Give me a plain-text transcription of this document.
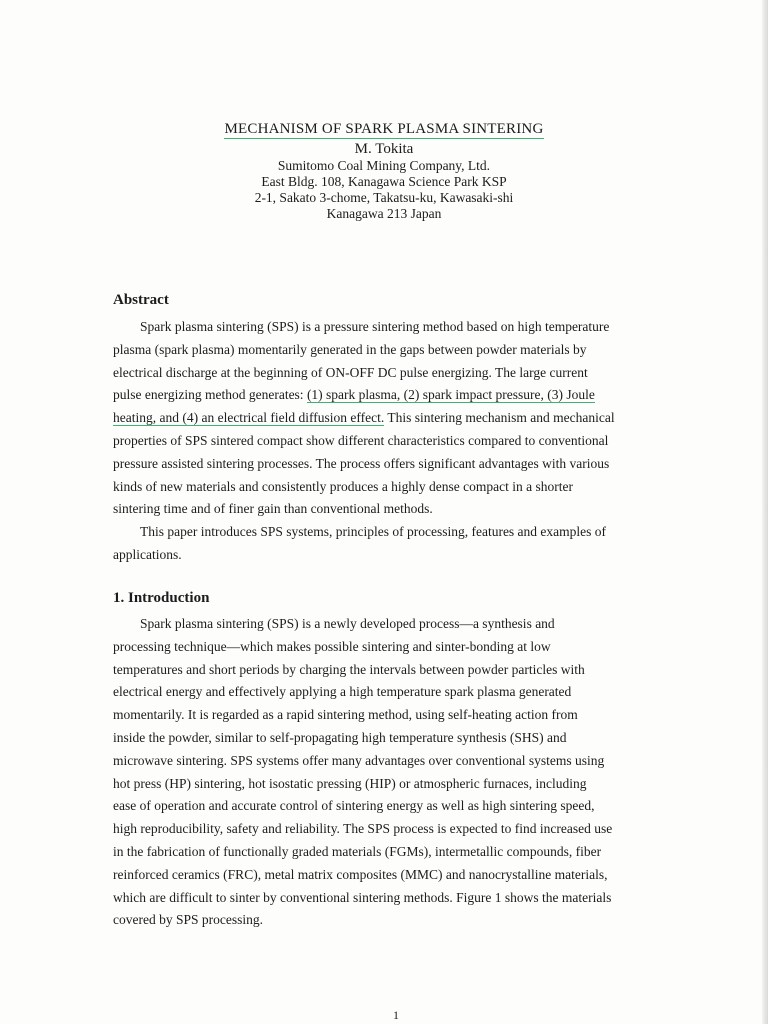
MECHANISM OF SPARK PLASMA SINTERING
M. Tokita
Sumitomo Coal Mining Company, Ltd.
East Bldg. 108, Kanagawa Science Park KSP
2-1, Sakato 3-chome, Takatsu-ku, Kawasaki-shi
Kanagawa 213 Japan
Abstract
Spark plasma sintering (SPS) is a pressure sintering method based on high temperature
plasma (spark plasma) momentarily generated in the gaps between powder materials by
electrical discharge at the beginning of ON-OFF DC pulse energizing. The large current
pulse energizing method generates: (1) spark plasma, (2) spark impact pressure, (3) Joule
heating, and (4) an electrical field diffusion effect. This sintering mechanism and mechanical
properties of SPS sintered compact show different characteristics compared to conventional
pressure assisted sintering processes. The process offers significant advantages with various
kinds of new materials and consistently produces a highly dense compact in a shorter
sintering time and of finer gain than conventional methods.
This paper introduces SPS systems, principles of processing, features and examples of
applications.
1. Introduction
Spark plasma sintering (SPS) is a newly developed process—a synthesis and
processing technique—which makes possible sintering and sinter-bonding at low
temperatures and short periods by charging the intervals between powder particles with
electrical energy and effectively applying a high temperature spark plasma generated
momentarily. It is regarded as a rapid sintering method, using self-heating action from
inside the powder, similar to self-propagating high temperature synthesis (SHS) and
microwave sintering. SPS systems offer many advantages over conventional systems using
hot press (HP) sintering, hot isostatic pressing (HIP) or atmospheric furnaces, including
ease of operation and accurate control of sintering energy as well as high sintering speed,
high reproducibility, safety and reliability. The SPS process is expected to find increased use
in the fabrication of functionally graded materials (FGMs), intermetallic compounds, fiber
reinforced ceramics (FRC), metal matrix composites (MMC) and nanocrystalline materials,
which are difficult to sinter by conventional sintering methods. Figure 1 shows the materials
covered by SPS processing.
1
